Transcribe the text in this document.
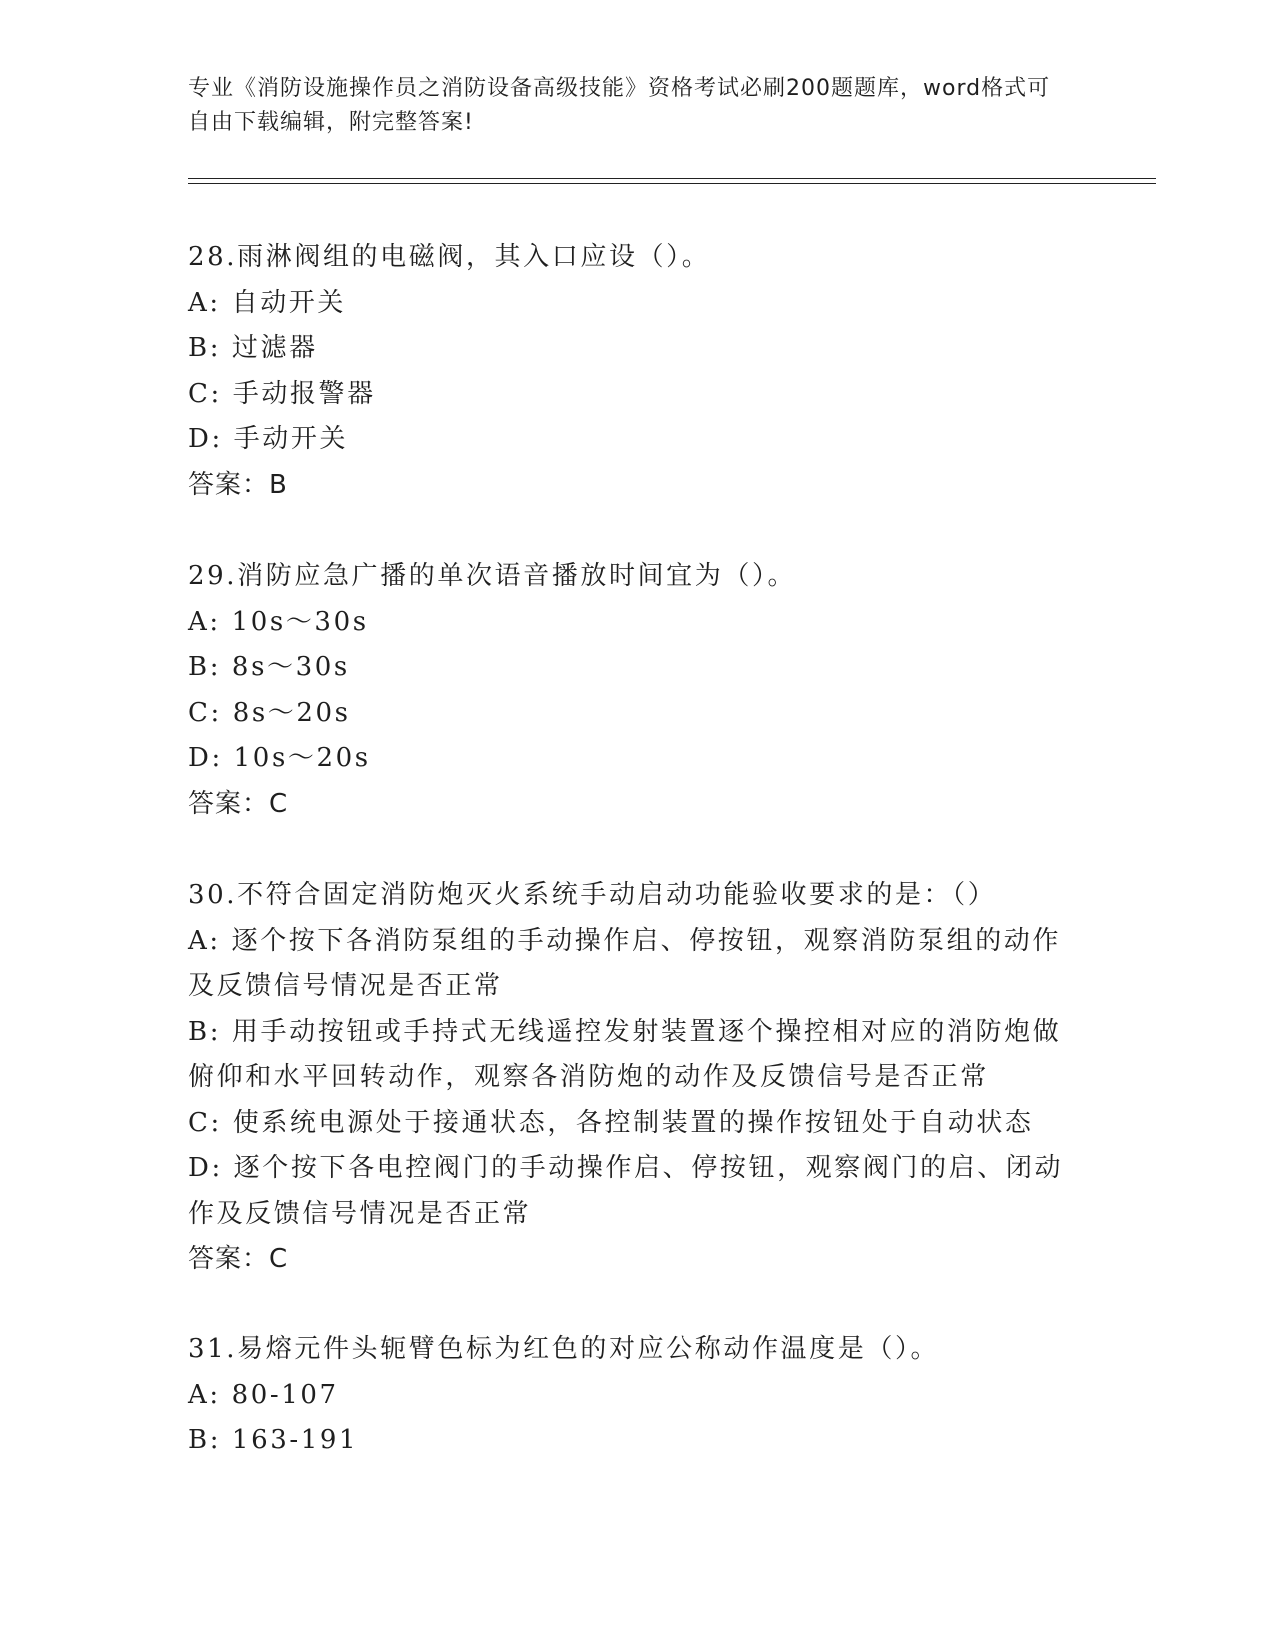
专业《消防设施操作员之消防设备高级技能》资格考试必刷200题题库，word格式可自由下载编辑，附完整答案!
28.雨淋阀组的电磁阀，其入口应设（）。
A: 自动开关
B: 过滤器
C: 手动报警器
D: 手动开关
答案：B
29.消防应急广播的单次语音播放时间宜为（）。
A: 10s～30s
B: 8s～30s
C: 8s～20s
D: 10s～20s
答案：C
30.不符合固定消防炮灭火系统手动启动功能验收要求的是：（）
A: 逐个按下各消防泵组的手动操作启、停按钮，观察消防泵组的动作及反馈信号情况是否正常
B: 用手动按钮或手持式无线遥控发射装置逐个操控相对应的消防炮做俯仰和水平回转动作，观察各消防炮的动作及反馈信号是否正常
C: 使系统电源处于接通状态，各控制装置的操作按钮处于自动状态
D: 逐个按下各电控阀门的手动操作启、停按钮，观察阀门的启、闭动作及反馈信号情况是否正常
答案：C
31.易熔元件头轭臂色标为红色的对应公称动作温度是（）。
A: 80-107
B: 163-191
